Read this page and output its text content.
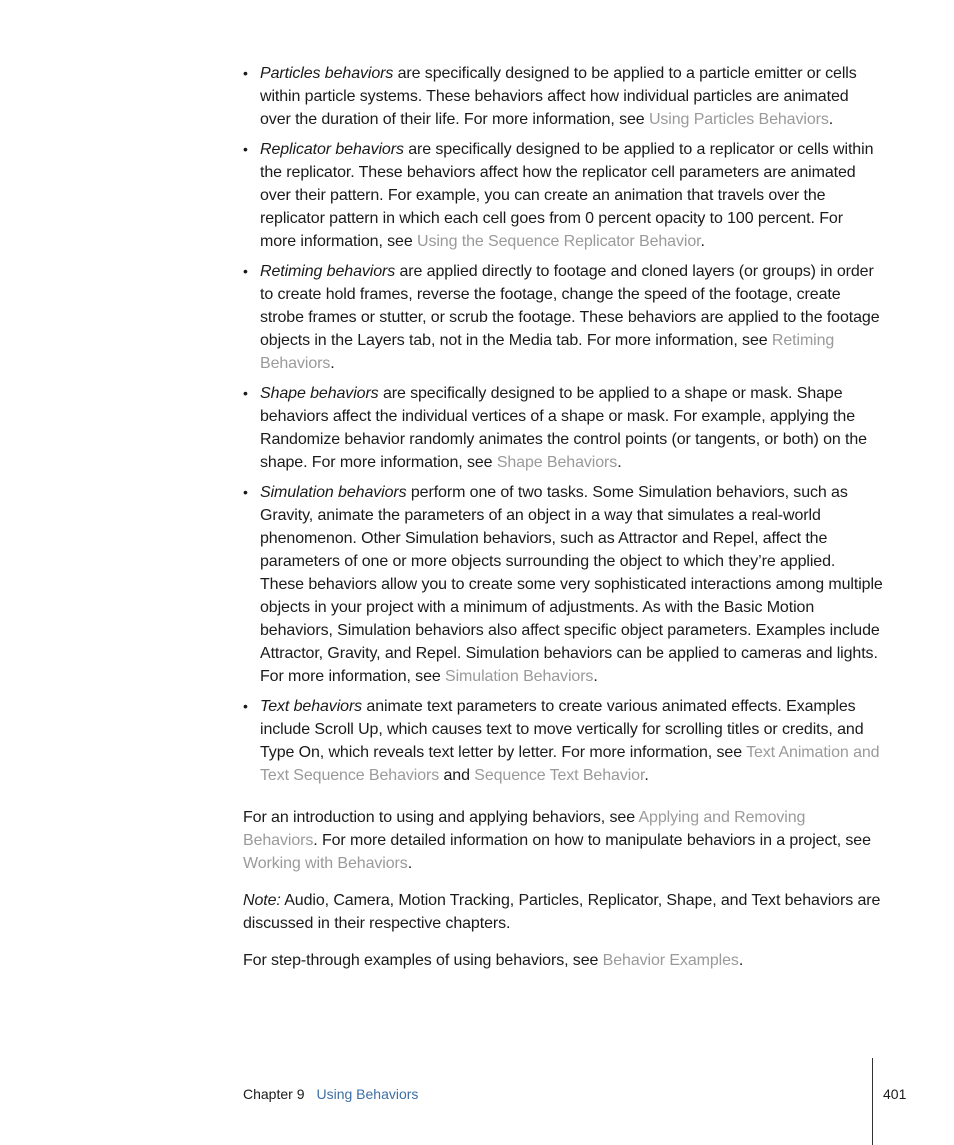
• Particles behaviors are specifically designed to be applied to a particle emitter or cells within particle systems. These behaviors affect how individual particles are animated over the duration of their life. For more information, see Using Particles Behaviors.
• Replicator behaviors are specifically designed to be applied to a replicator or cells within the replicator. These behaviors affect how the replicator cell parameters are animated over their pattern. For example, you can create an animation that travels over the replicator pattern in which each cell goes from 0 percent opacity to 100 percent. For more information, see Using the Sequence Replicator Behavior.
• Retiming behaviors are applied directly to footage and cloned layers (or groups) in order to create hold frames, reverse the footage, change the speed of the footage, create strobe frames or stutter, or scrub the footage. These behaviors are applied to the footage objects in the Layers tab, not in the Media tab. For more information, see Retiming Behaviors.
• Shape behaviors are specifically designed to be applied to a shape or mask. Shape behaviors affect the individual vertices of a shape or mask. For example, applying the Randomize behavior randomly animates the control points (or tangents, or both) on the shape. For more information, see Shape Behaviors.
• Simulation behaviors perform one of two tasks. Some Simulation behaviors, such as Gravity, animate the parameters of an object in a way that simulates a real-world phenomenon. Other Simulation behaviors, such as Attractor and Repel, affect the parameters of one or more objects surrounding the object to which they’re applied. These behaviors allow you to create some very sophisticated interactions among multiple objects in your project with a minimum of adjustments. As with the Basic Motion behaviors, Simulation behaviors also affect specific object parameters. Examples include Attractor, Gravity, and Repel. Simulation behaviors can be applied to cameras and lights. For more information, see Simulation Behaviors.
• Text behaviors animate text parameters to create various animated effects. Examples include Scroll Up, which causes text to move vertically for scrolling titles or credits, and Type On, which reveals text letter by letter. For more information, see Text Animation and Text Sequence Behaviors and Sequence Text Behavior.

For an introduction to using and applying behaviors, see Applying and Removing Behaviors. For more detailed information on how to manipulate behaviors in a project, see Working with Behaviors.

Note: Audio, Camera, Motion Tracking, Particles, Replicator, Shape, and Text behaviors are discussed in their respective chapters.

For step-through examples of using behaviors, see Behavior Examples.

Chapter 9 Using Behaviors	401
